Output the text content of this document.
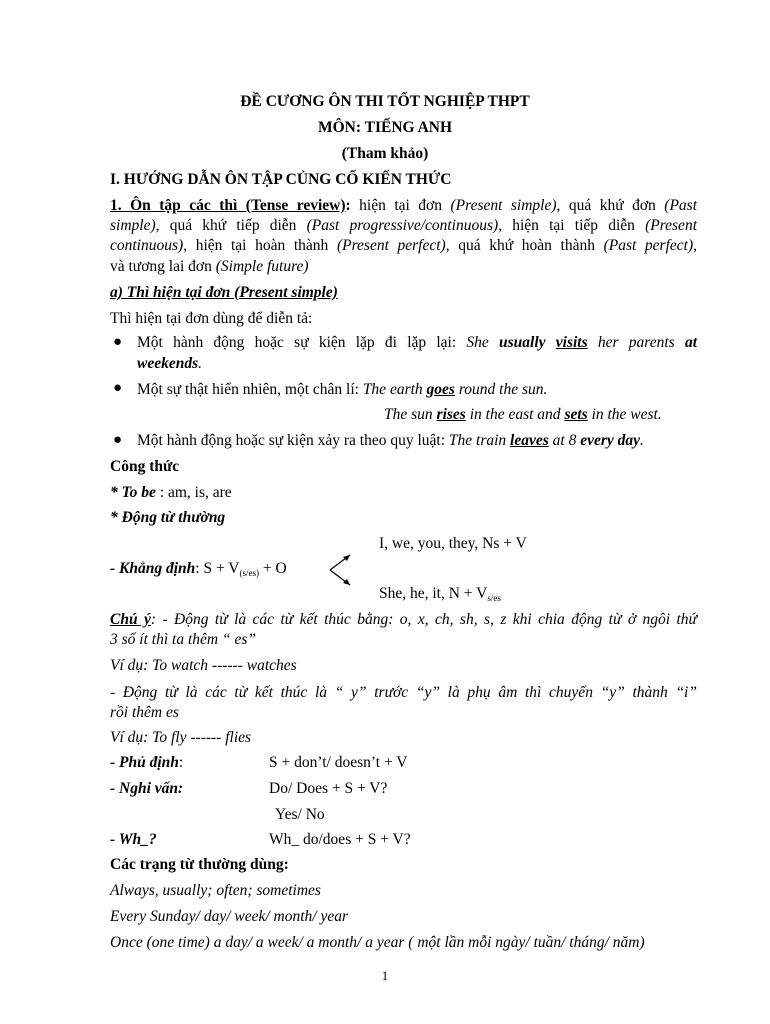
ĐỀ CƯƠNG ÔN THI TỐT NGHIỆP THPT
MÔN: TIẾNG ANH
(Tham khảo)
I. HƯỚNG DẪN ÔN TẬP CỦNG CỐ KIẾN THỨC
1. Ôn tập các thì (Tense review): hiện tại đơn (Present simple), quá khứ đơn (Past
simple), quá khứ tiếp diễn (Past progressive/continuous), hiện tại tiếp diễn (Present
continuous), hiện tại hoàn thành (Present perfect), quá khứ hoàn thành (Past perfect),
và tương lai đơn (Simple future)
a) Thì hiện tại đơn (Present simple)
Thì hiện tại đơn dùng để diễn tả:
● Một hành động hoặc sự kiện lặp đi lặp lại: She usually visits her parents at
weekends.
● Một sự thật hiển nhiên, một chân lí: The earth goes round the sun.
The sun rises in the east and sets in the west.
● Một hành động hoặc sự kiện xảy ra theo quy luật: The train leaves at 8 every day.
Công thức
* To be : am, is, are
* Động từ thường
I, we, you, they, Ns + V
- Khẳng định: $S + V_{(s/es)} + O$
She, he, it, $N + V_{s/es}$
Chú ý: - Động từ là các từ kết thúc bằng: o, x, ch, sh, s, z khi chia động từ ở ngôi thứ
3 số ít thì ta thêm “ es”
Ví dụ: To watch ------ watches
- Động từ là các từ kết thúc là “ y” trước “y” là phụ âm thì chuyển “y” thành “i”
rồi thêm es
Ví dụ: To fly ------ flies
- Phủ định:	S + don’t/ doesn’t + V
- Nghi vấn:	Do/ Does + S + V?
Yes/ No
- Wh_?	Wh_ do/does + S + V?
Các trạng từ thường dùng:
Always, usually; often; sometimes
Every Sunday/ day/ week/ month/ year
Once (one time) a day/ a week/ a month/ a year ( một lần mỗi ngày/ tuần/ tháng/ năm)
1
